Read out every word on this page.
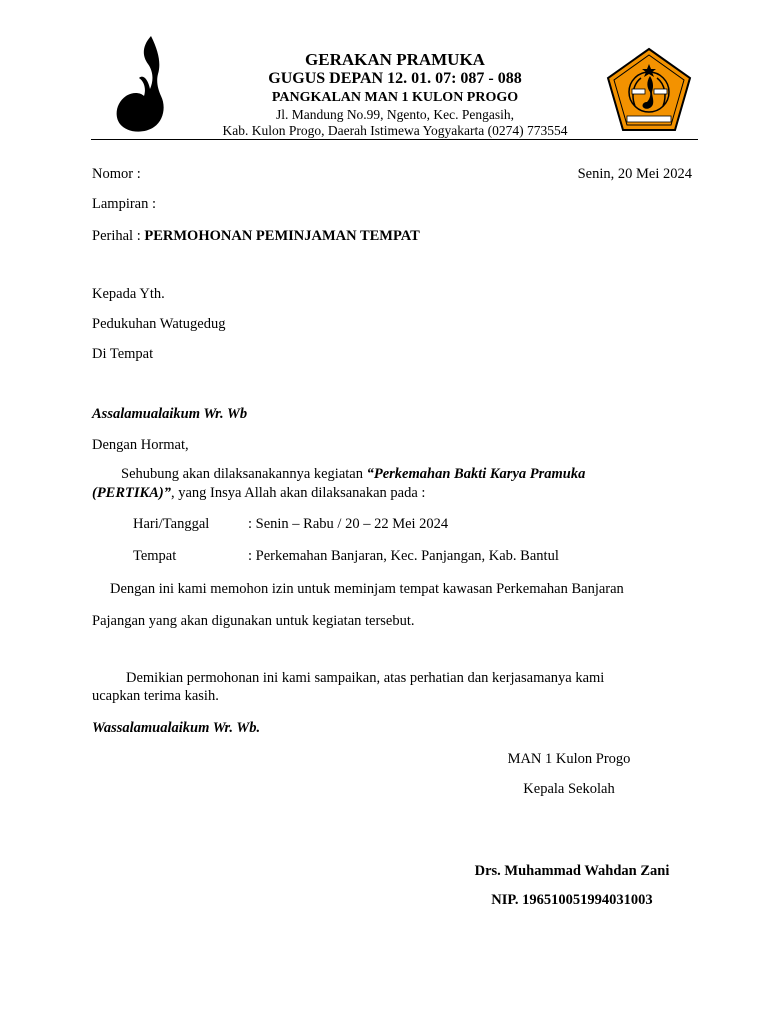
GERAKAN PRAMUKA
GUGUS DEPAN 12. 01. 07: 087 - 088
PANGKALAN MAN 1 KULON PROGO
Jl. Mandung No.99, Ngento, Kec. Pengasih,
Kab. Kulon Progo, Daerah Istimewa Yogyakarta (0274) 773554
Nomor :	Senin, 20 Mei 2024
Lampiran :
Perihal : PERMOHONAN PEMINJAMAN TEMPAT
Kepada Yth.
Pedukuhan Watugedug
Di Tempat
Assalamualaikum Wr. Wb
Dengan Hormat,
Sehubung akan dilaksanakannya kegiatan “Perkemahan Bakti Karya Pramuka
(PERTIKA)”, yang Insya Allah akan dilaksanakan pada :
Hari/Tanggal	: Senin – Rabu / 20 – 22 Mei 2024
Tempat	: Perkemahan Banjaran, Kec. Panjangan, Kab. Bantul
Dengan ini kami memohon izin untuk meminjam tempat kawasan Perkemahan Banjaran
Pajangan yang akan digunakan untuk kegiatan tersebut.
Demikian permohonan ini kami sampaikan, atas perhatian dan kerjasamanya kami
ucapkan terima kasih.
Wassalamualaikum Wr. Wb.
MAN 1 Kulon Progo
Kepala Sekolah
Drs. Muhammad Wahdan Zani
NIP. 196510051994031003
